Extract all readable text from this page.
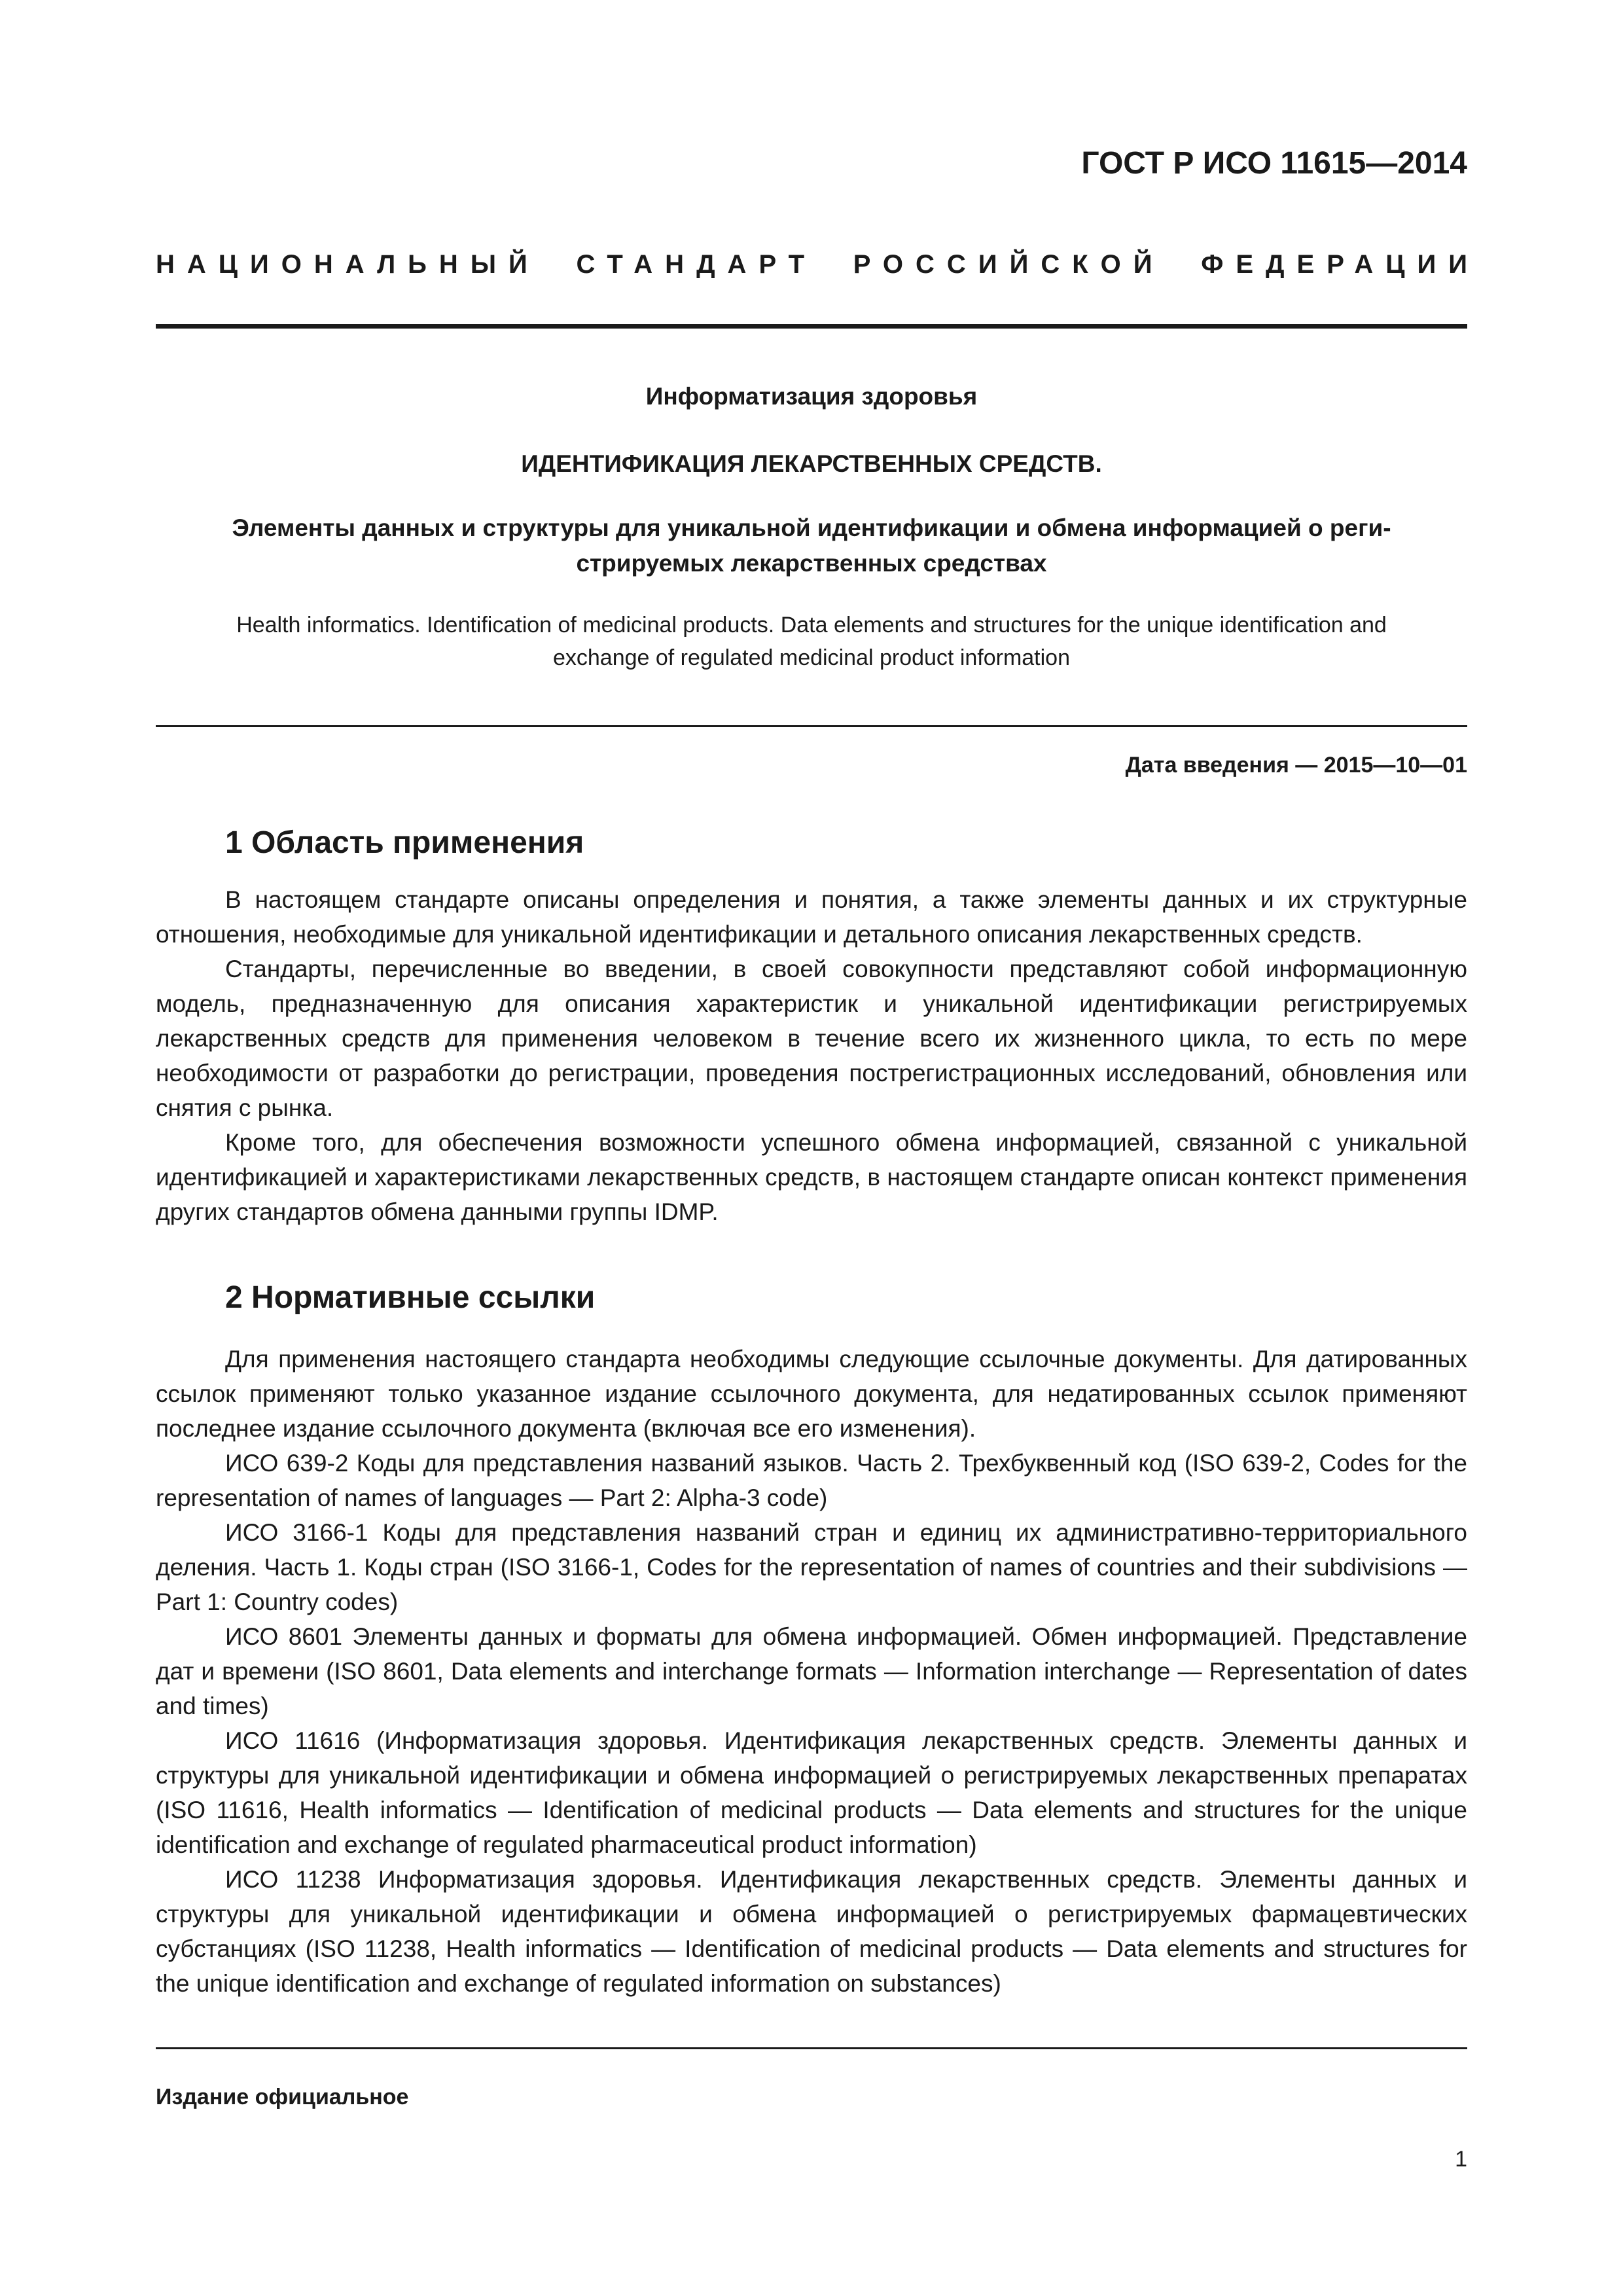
ГОСТ Р ИСО 11615—2014
НАЦИОНАЛЬНЫЙ СТАНДАРТ РОССИЙСКОЙ ФЕДЕРАЦИИ
Информатизация здоровья
ИДЕНТИФИКАЦИЯ ЛЕКАРСТВЕННЫХ СРЕДСТВ.
Элементы данных и структуры для уникальной идентификации и обмена информацией о реги-
стрируемых лекарственных средствах
Health informatics. Identification of medicinal products. Data elements and structures for the unique identification and
exchange of regulated medicinal product information
Дата введения — 2015—10—01
1 Область применения

В настоящем стандарте описаны определения и понятия, а также элементы данных и их структурные отношения, необходимые для уникальной идентификации и детального описания лекарственных средств.

Стандарты, перечисленные во введении, в своей совокупности представляют собой информационную модель, предназначенную для описания характеристик и уникальной идентификации регистрируемых лекарственных средств для применения человеком в течение всего их жизненного цикла, то есть по мере необходимости от разработки до регистрации, проведения пострегистрационных исследований, обновления или снятия с рынка.

Кроме того, для обеспечения возможности успешного обмена информацией, связанной с уникальной идентификацией и характеристиками лекарственных средств, в настоящем стандарте описан контекст применения других стандартов обмена данными группы IDMP.

2 Нормативные ссылки

Для применения настоящего стандарта необходимы следующие ссылочные документы. Для датированных ссылок применяют только указанное издание ссылочного документа, для недатированных ссылок применяют последнее издание ссылочного документа (включая все его изменения).

ИСО 639-2 Коды для представления названий языков. Часть 2. Трехбуквенный код (ISO 639-2, Codes for the representation of names of languages — Part 2: Alpha-3 code)

ИСО 3166-1 Коды для представления названий стран и единиц их административно-территориального деления. Часть 1. Коды стран (ISO 3166-1, Codes for the representation of names of countries and their subdivisions — Part 1: Country codes)

ИСО 8601 Элементы данных и форматы для обмена информацией. Обмен информацией. Представление дат и времени (ISO 8601, Data elements and interchange formats — Information interchange — Representation of dates and times)

ИСО 11616 (Информатизация здоровья. Идентификация лекарственных средств. Элементы данных и структуры для уникальной идентификации и обмена информацией о регистрируемых лекарственных препаратах (ISO 11616, Health informatics — Identification of medicinal products — Data elements and structures for the unique identification and exchange of regulated pharmaceutical product information)

ИСО 11238 Информатизация здоровья. Идентификация лекарственных средств. Элементы данных и структуры для уникальной идентификации и обмена информацией о регистрируемых фармацевтических субстанциях (ISO 11238, Health informatics — Identification of medicinal products — Data elements and structures for the unique identification and exchange of regulated information on substances)

Издание официальное
1
